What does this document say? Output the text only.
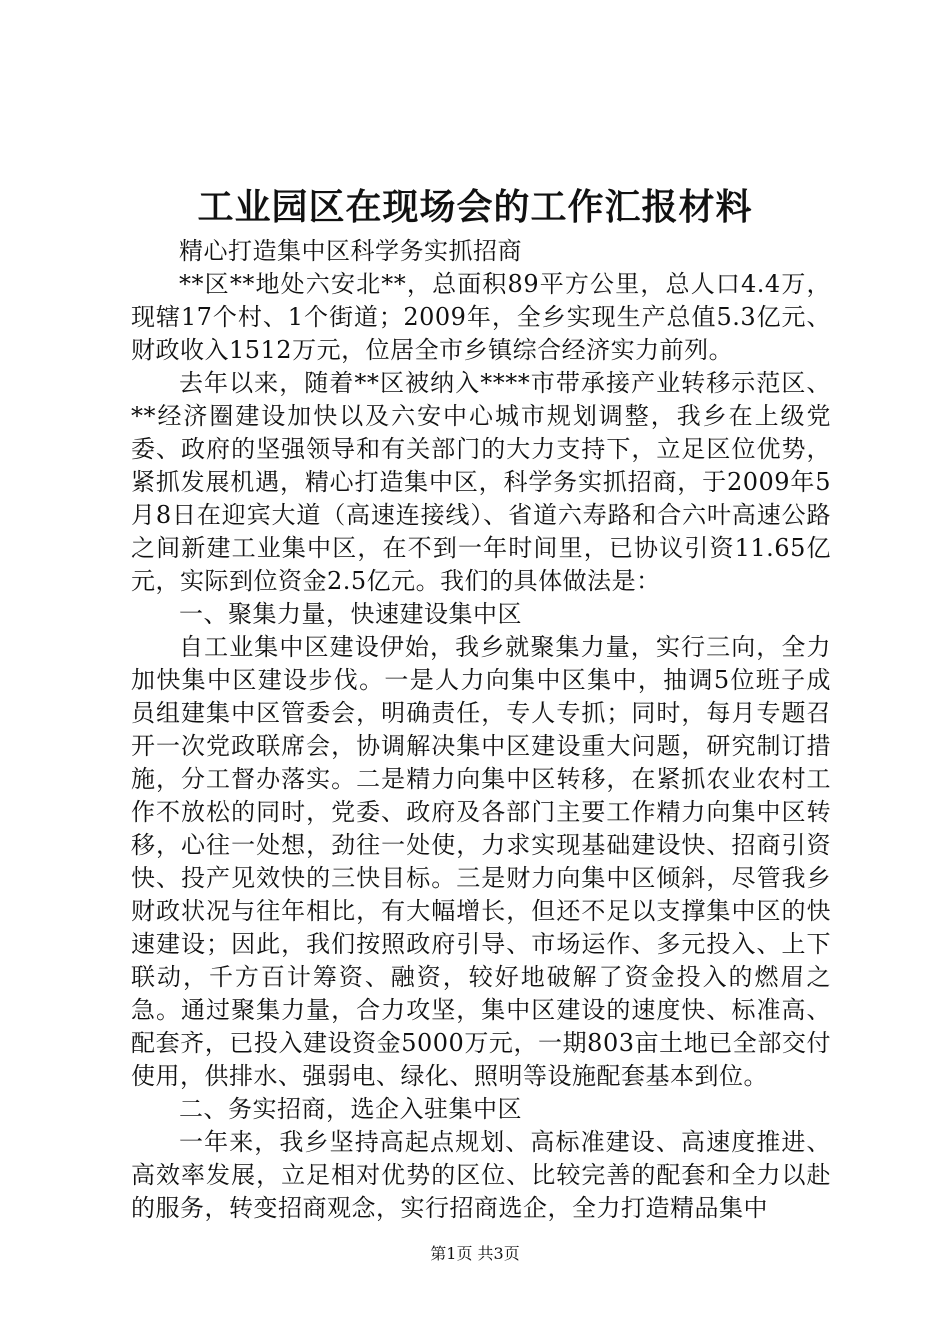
工业园区在现场会的工作汇报材料

精心打造集中区科学务实抓招商

**区**地处六安北**，总面积89平方公里，总人口4.4万，现辖17个村、1个街道；2009年，全乡实现生产总值5.3亿元、财政收入1512万元，位居全市乡镇综合经济实力前列。

去年以来，随着**区被纳入****市带承接产业转移示范区、**经济圈建设加快以及六安中心城市规划调整，我乡在上级党委、政府的坚强领导和有关部门的大力支持下，立足区位优势，紧抓发展机遇，精心打造集中区，科学务实抓招商，于2009年5月8日在迎宾大道（高速连接线）、省道六寿路和合六叶高速公路之间新建工业集中区，在不到一年时间里，已协议引资11.65亿元，实际到位资金2.5亿元。我们的具体做法是：

一、聚集力量，快速建设集中区

自工业集中区建设伊始，我乡就聚集力量，实行三向，全力加快集中区建设步伐。一是人力向集中区集中，抽调5位班子成员组建集中区管委会，明确责任，专人专抓；同时，每月专题召开一次党政联席会，协调解决集中区建设重大问题，研究制订措施，分工督办落实。二是精力向集中区转移，在紧抓农业农村工作不放松的同时，党委、政府及各部门主要工作精力向集中区转移，心往一处想，劲往一处使，力求实现基础建设快、招商引资快、投产见效快的三快目标。三是财力向集中区倾斜，尽管我乡财政状况与往年相比，有大幅增长，但还不足以支撑集中区的快速建设；因此，我们按照政府引导、市场运作、多元投入、上下联动，千方百计筹资、融资，较好地破解了资金投入的燃眉之急。通过聚集力量，合力攻坚，集中区建设的速度快、标准高、配套齐，已投入建设资金5000万元，一期803亩土地已全部交付使用，供排水、强弱电、绿化、照明等设施配套基本到位。

二、务实招商，选企入驻集中区

一年来，我乡坚持高起点规划、高标准建设、高速度推进、高效率发展，立足相对优势的区位、比较完善的配套和全力以赴的服务，转变招商观念，实行招商选企，全力打造精品集中

第1页 共3页
